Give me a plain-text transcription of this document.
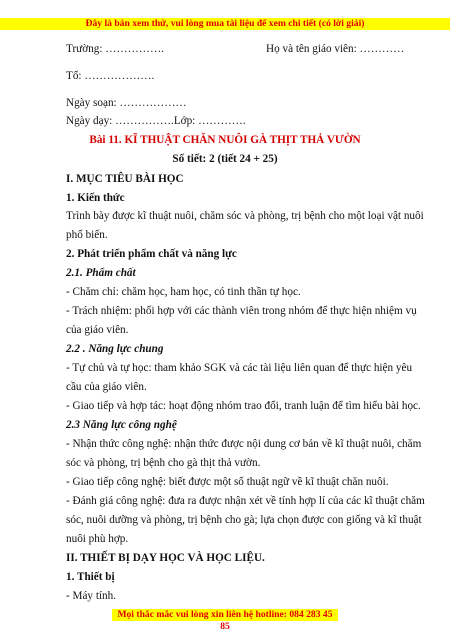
Đây là bản xem thử, vui lòng mua tài liệu để xem chi tiết (có lời giải)
Trường: …………….	Họ và tên giáo viên: …………
Tổ: ……………….
Ngày soạn: ………………
Ngày dạy: …………….Lớp: ………….
Bài 11. KĨ THUẬT CHĂN NUÔI GÀ THỊT THẢ VƯỜN
Số tiết: 2 (tiết 24 + 25)
I. MỤC TIÊU BÀI HỌC
1. Kiến thức
Trình bày được kĩ thuật nuôi, chăm sóc và phòng, trị bệnh cho một loại vật nuôi
phổ biến.
2. Phát triển phẩm chất và năng lực
2.1. Phẩm chất
- Chăm chỉ: chăm học, ham học, có tinh thần tự học.
- Trách nhiệm: phối hợp với các thành viên trong nhóm để thực hiện nhiệm vụ
của giáo viên.
2.2 . Năng lực chung
- Tự chủ và tự học: tham khảo SGK và các tài liệu liên quan để thực hiện yêu
cầu của giáo viên.
- Giao tiếp và hợp tác: hoạt động nhóm trao đổi, tranh luận để tìm hiểu bài học.
2.3 Năng lực công nghệ
- Nhận thức công nghệ: nhận thức được nội dung cơ bản về kĩ thuật nuôi, chăm
sóc và phòng, trị bệnh cho gà thịt thả vườn.
- Giao tiếp công nghệ: biết được một số thuật ngữ về kĩ thuật chăn nuôi.
- Đánh giá công nghệ: đưa ra được nhận xét về tính hợp lí của các kĩ thuật chăm
sóc, nuôi dưỡng và phòng, trị bệnh cho gà; lựa chọn được con giống và kĩ thuật
nuôi phù hợp.
II. THIẾT BỊ DẠY HỌC VÀ HỌC LIỆU.
1. Thiết bị
- Máy tính.
Mọi thắc mắc vui lòng xin liên hệ hotline: 084 283 45 85
